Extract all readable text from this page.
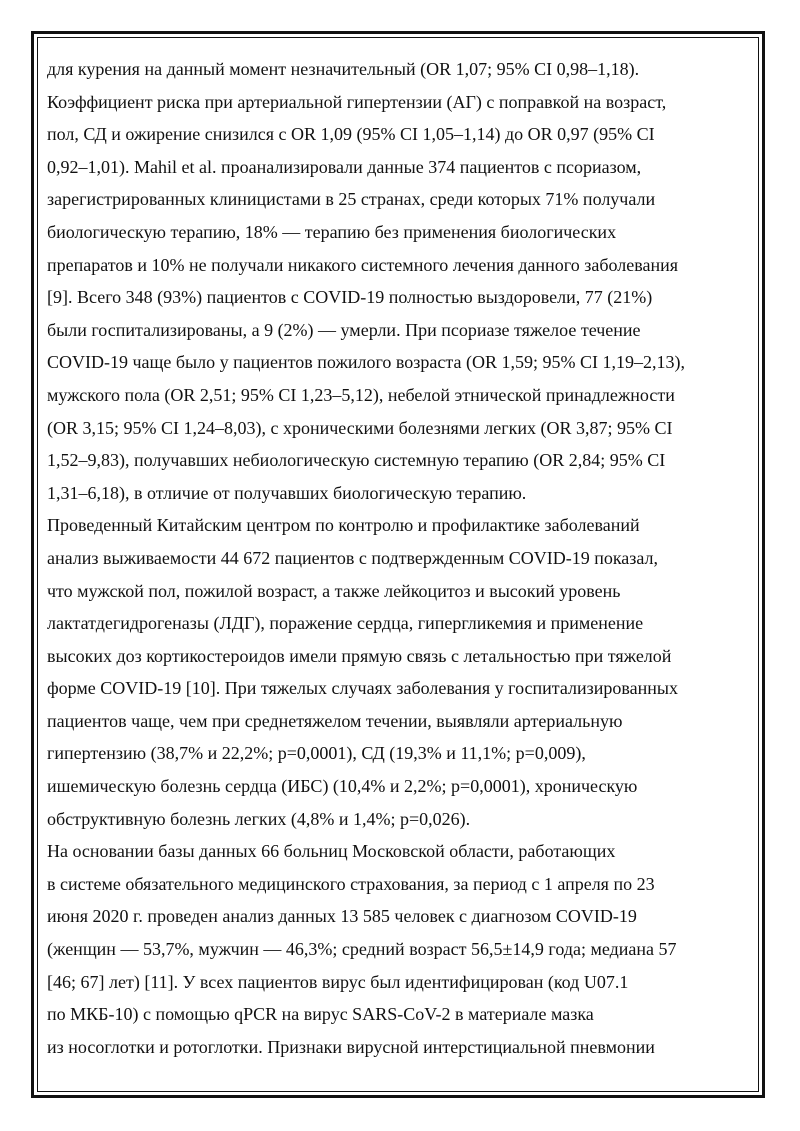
для курения на данный момент незначительный (OR 1,07; 95% CI 0,98–1,18).
Коэффициент риска при артериальной гипертензии (АГ) с поправкой на возраст,
пол, СД и ожирение снизился с OR 1,09 (95% CI 1,05–1,14) до OR 0,97 (95% CI
0,92–1,01). Mahil et al. проанализировали данные 374 пациентов с псориазом,
зарегистрированных клиницистами в 25 странах, среди которых 71% получали
биологическую терапию, 18% — терапию без применения биологических
препаратов и 10% не получали никакого системного лечения данного заболевания
[9]. Всего 348 (93%) пациентов с COVID-19 полностью выздоровели, 77 (21%)
были госпитализированы, а 9 (2%) — умерли. При псориазе тяжелое течение
COVID-19 чаще было у пациентов пожилого возраста (OR 1,59; 95% CI 1,19–2,13),
мужского пола (OR 2,51; 95% CI 1,23–5,12), небелой этнической принадлежности
(OR 3,15; 95% CI 1,24–8,03), с хроническими болезнями легких (OR 3,87; 95% CI
1,52–9,83), получавших небиологическую системную терапию (OR 2,84; 95% CI
1,31–6,18), в отличие от получавших биологическую терапию.
Проведенный Китайским центром по контролю и профилактике заболеваний
анализ выживаемости 44 672 пациентов с подтвержденным COVID-19 показал,
что мужской пол, пожилой возраст, а также лейкоцитоз и высокий уровень
лактатдегидрогеназы (ЛДГ), поражение сердца, гипергликемия и применение
высоких доз кортикостероидов имели прямую связь с летальностью при тяжелой
форме COVID-19 [10]. При тяжелых случаях заболевания у госпитализированных
пациентов чаще, чем при среднетяжелом течении, выявляли артериальную
гипертензию (38,7% и 22,2%; p=0,0001), СД (19,3% и 11,1%; p=0,009),
ишемическую болезнь сердца (ИБС) (10,4% и 2,2%; p=0,0001), хроническую
обструктивную болезнь легких (4,8% и 1,4%; p=0,026).
На основании базы данных 66 больниц Московской области, работающих
в системе обязательного медицинского страхования, за период с 1 апреля по 23
июня 2020 г. проведен анализ данных 13 585 человек с диагнозом COVID-19
(женщин — 53,7%, мужчин — 46,3%; средний возраст 56,5±14,9 года; медиана 57
[46; 67] лет) [11]. У всех пациентов вирус был идентифицирован (код U07.1
по МКБ-10) с помощью qPCR на вирус SARS-CoV-2 в материале мазка
из носоглотки и ротоглотки. Признаки вирусной интерстициальной пневмонии
